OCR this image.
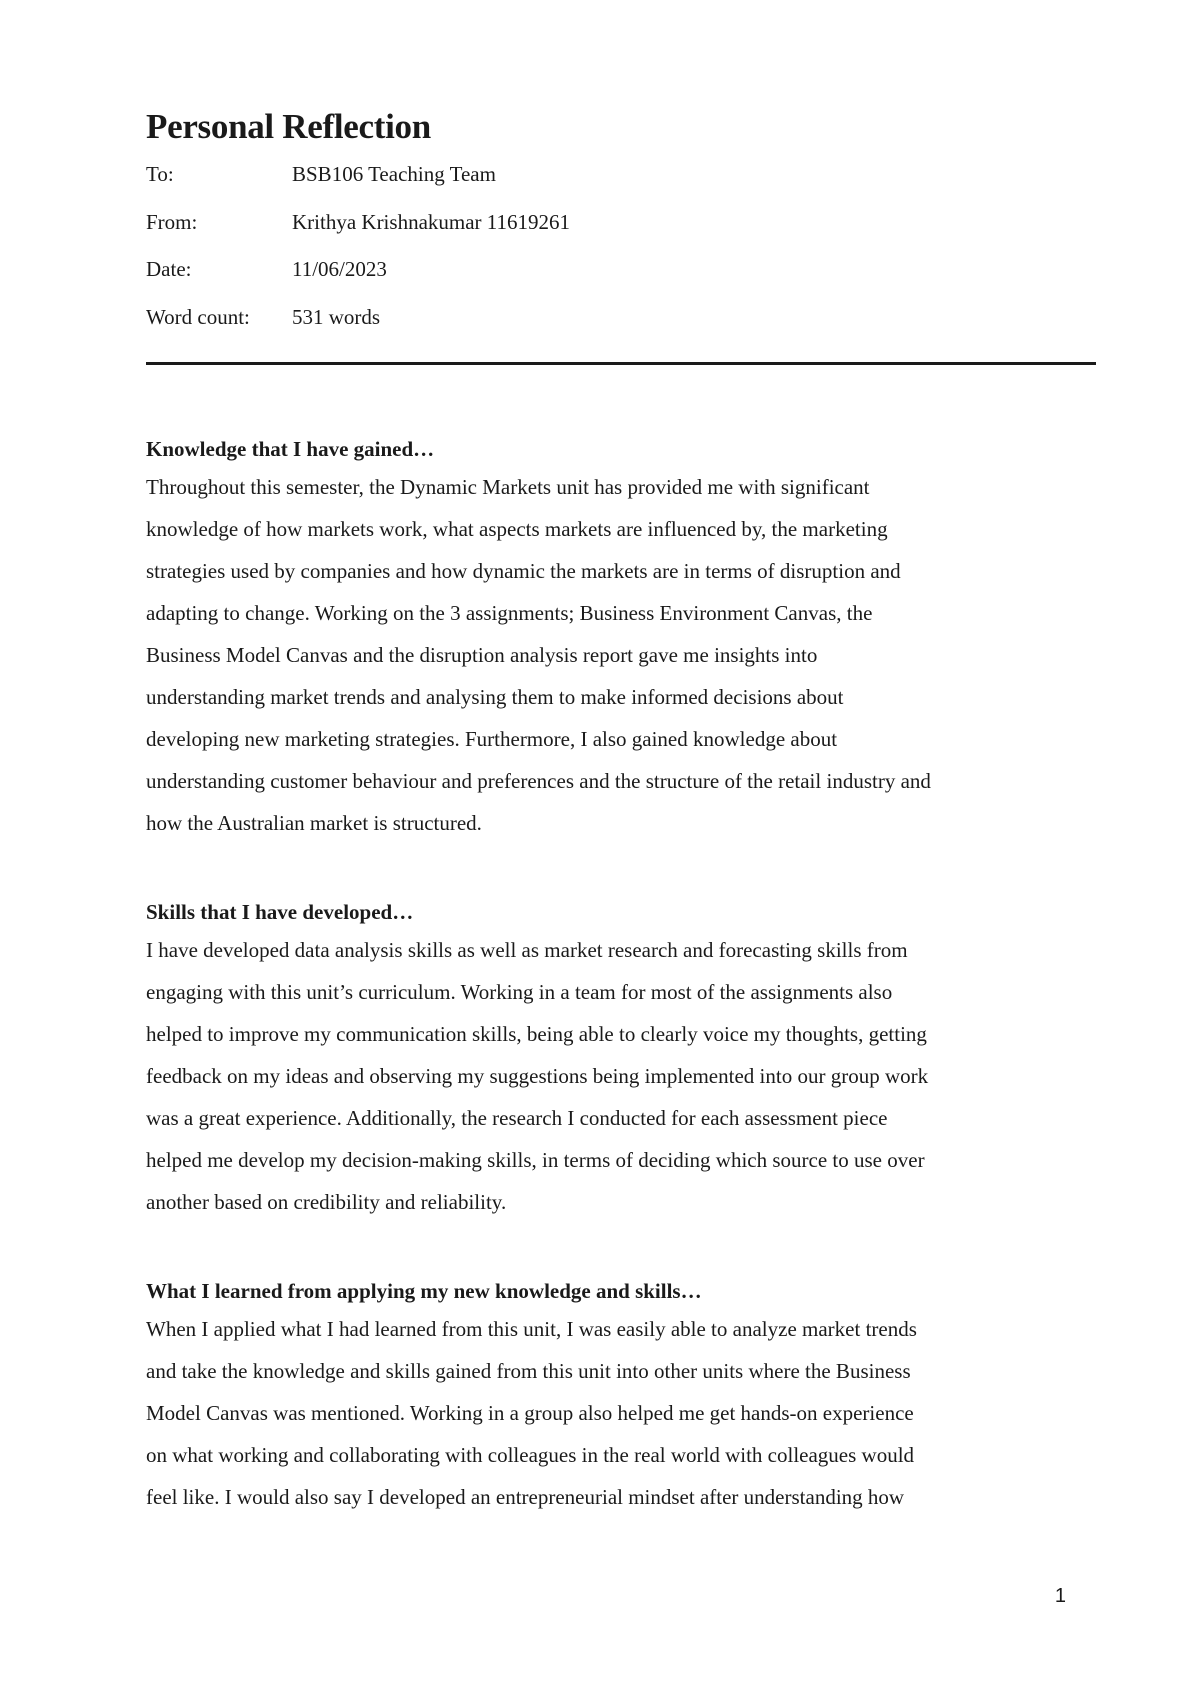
Personal Reflection
To:	BSB106 Teaching Team
From:	Krithya Krishnakumar 11619261
Date:	11/06/2023
Word count:	531 words
Knowledge that I have gained…
Throughout this semester, the Dynamic Markets unit has provided me with significant
knowledge of how markets work, what aspects markets are influenced by, the marketing
strategies used by companies and how dynamic the markets are in terms of disruption and
adapting to change. Working on the 3 assignments; Business Environment Canvas, the
Business Model Canvas and the disruption analysis report gave me insights into
understanding market trends and analysing them to make informed decisions about
developing new marketing strategies. Furthermore, I also gained knowledge about
understanding customer behaviour and preferences and the structure of the retail industry and
how the Australian market is structured.
Skills that I have developed…
I have developed data analysis skills as well as market research and forecasting skills from
engaging with this unit’s curriculum. Working in a team for most of the assignments also
helped to improve my communication skills, being able to clearly voice my thoughts, getting
feedback on my ideas and observing my suggestions being implemented into our group work
was a great experience. Additionally, the research I conducted for each assessment piece
helped me develop my decision-making skills, in terms of deciding which source to use over
another based on credibility and reliability.
What I learned from applying my new knowledge and skills…
When I applied what I had learned from this unit, I was easily able to analyze market trends
and take the knowledge and skills gained from this unit into other units where the Business
Model Canvas was mentioned. Working in a group also helped me get hands-on experience
on what working and collaborating with colleagues in the real world with colleagues would
feel like. I would also say I developed an entrepreneurial mindset after understanding how
1
